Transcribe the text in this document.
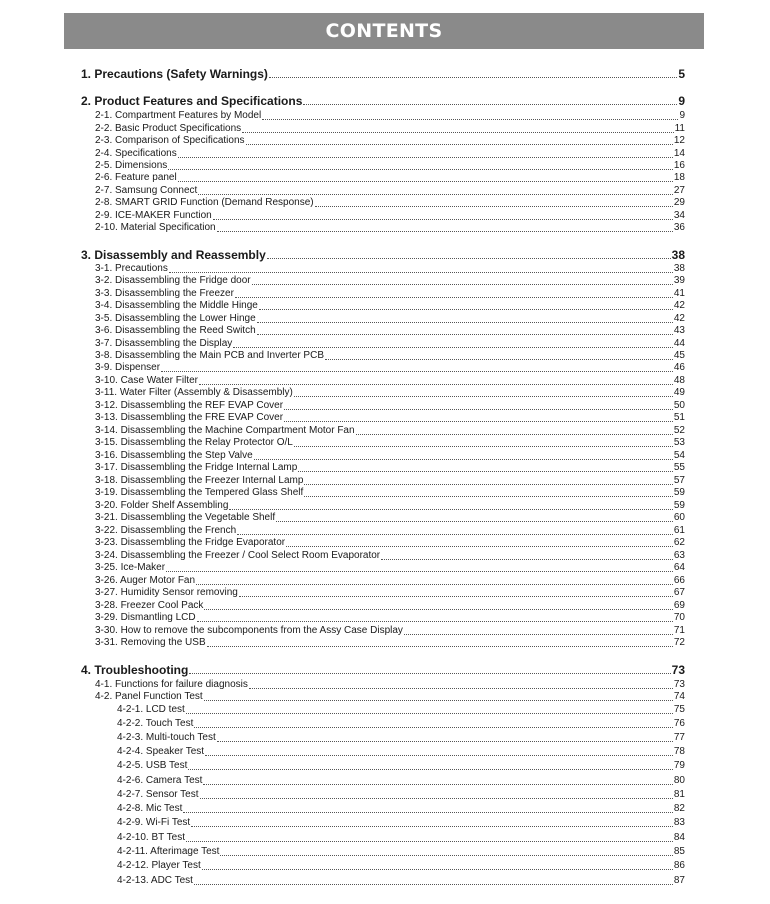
CONTENTS
1. Precautions (Safety Warnings)	5
2. Product Features and Specifications	9
2-1. Compartment Features by Model	9
2-2. Basic Product Specifications	11
2-3. Comparison of Specifications	12
2-4. Specifications	14
2-5. Dimensions	16
2-6. Feature panel	18
2-7. Samsung Connect	27
2-8. SMART GRID Function (Demand Response)	29
2-9. ICE-MAKER Function	34
2-10. Material Specification	36
3. Disassembly and Reassembly	38
3-1. Precautions	38
3-2. Disassembling the Fridge door	39
3-3. Disassembling the Freezer	41
3-4. Disassembling the Middle Hinge	42
3-5. Disassembling the Lower Hinge	42
3-6. Disassembling the Reed Switch	43
3-7. Disassembling the Display	44
3-8. Disassembling the Main PCB and Inverter PCB	45
3-9. Dispenser	46
3-10. Case Water Filter	48
3-11. Water Filter (Assembly & Disassembly)	49
3-12. Disassembling the REF EVAP Cover	50
3-13. Disassembling the FRE EVAP Cover	51
3-14. Disassembling the Machine Compartment Motor Fan	52
3-15. Disassembling the Relay Protector O/L	53
3-16. Disassembling the Step Valve	54
3-17. Disassembling the Fridge Internal Lamp	55
3-18. Disassembling the Freezer Internal Lamp	57
3-19. Disassembling the Tempered Glass Shelf	59
3-20. Folder Shelf Assembling	59
3-21. Disassembling the Vegetable Shelf	60
3-22. Disassembling the French	61
3-23. Disassembling the Fridge Evaporator	62
3-24. Disassembling the Freezer / Cool Select Room Evaporator	63
3-25. Ice-Maker	64
3-26. Auger Motor Fan	66
3-27. Humidity Sensor removing	67
3-28. Freezer Cool Pack	69
3-29. Dismantling LCD	70
3-30. How to remove the subcomponents from the Assy Case Display	71
3-31. Removing the USB	72
4. Troubleshooting	73
4-1. Functions for failure diagnosis	73
4-2. Panel Function Test	74
4-2-1. LCD test	75
4-2-2. Touch Test	76
4-2-3. Multi-touch Test	77
4-2-4. Speaker Test	78
4-2-5. USB Test	79
4-2-6. Camera Test	80
4-2-7. Sensor Test	81
4-2-8. Mic Test	82
4-2-9. Wi-Fi Test	83
4-2-10. BT Test	84
4-2-11. Afterimage Test	85
4-2-12. Player Test	86
4-2-13. ADC Test	87
